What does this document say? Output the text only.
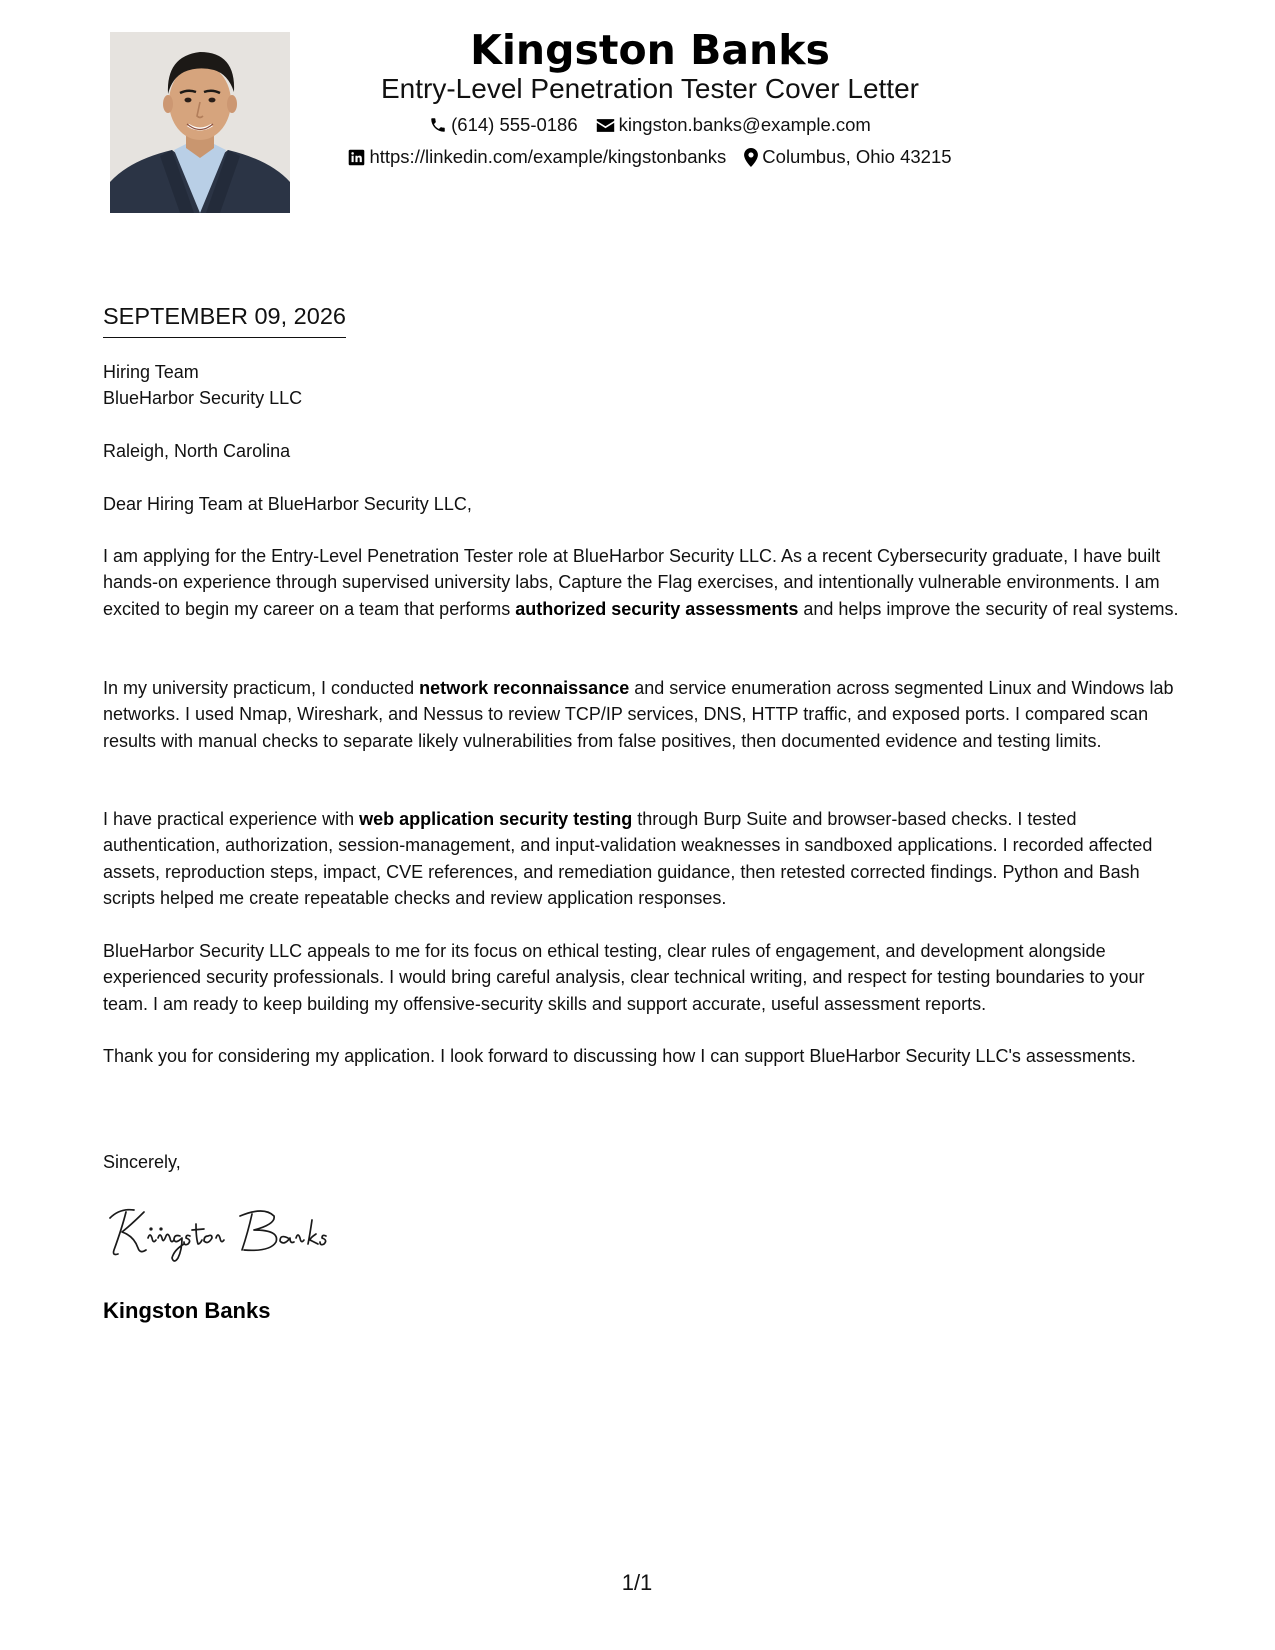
Kingston Banks
Entry-Level Penetration Tester Cover Letter
(614) 555-0186 kingston.banks@example.com
https://linkedin.com/example/kingstonbanks Columbus, Ohio 43215
SEPTEMBER 09, 2026

Hiring Team

BlueHarbor Security LLC

Raleigh, North Carolina

Dear Hiring Team at BlueHarbor Security LLC,

I am applying for the Entry-Level Penetration Tester role at BlueHarbor Security LLC. As a recent Cybersecurity graduate, I have built hands-on experience through supervised university labs, Capture the Flag exercises, and intentionally vulnerable environments. I am excited to begin my career on a team that performs authorized security assessments and helps improve the security of real systems.

In my university practicum, I conducted network reconnaissance and service enumeration across segmented Linux and Windows lab networks. I used Nmap, Wireshark, and Nessus to review TCP/IP services, DNS, HTTP traffic, and exposed ports. I compared scan results with manual checks to separate likely vulnerabilities from false positives, then documented evidence and testing limits.

I have practical experience with web application security testing through Burp Suite and browser-based checks. I tested authentication, authorization, session-management, and input-validation weaknesses in sandboxed applications. I recorded affected assets, reproduction steps, impact, CVE references, and remediation guidance, then retested corrected findings. Python and Bash scripts helped me create repeatable checks and review application responses.

BlueHarbor Security LLC appeals to me for its focus on ethical testing, clear rules of engagement, and development alongside experienced security professionals. I would bring careful analysis, clear technical writing, and respect for testing boundaries to your team. I am ready to keep building my offensive-security skills and support accurate, useful assessment reports.

Thank you for considering my application. I look forward to discussing how I can support BlueHarbor Security LLC's assessments.

Sincerely,

Kingston Banks
1/1
